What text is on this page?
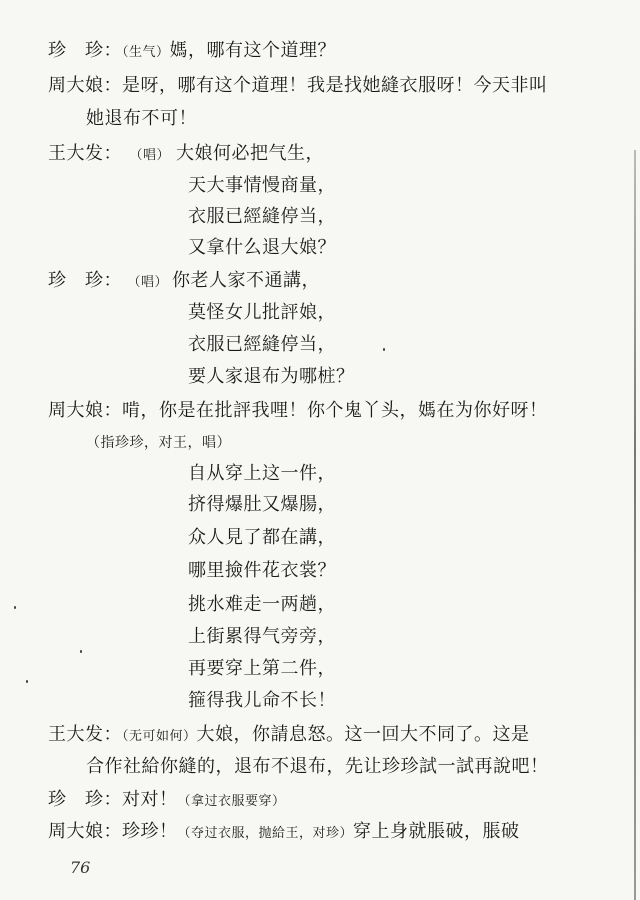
珍　珍：（生气）媽，哪有这个道理？
周大娘：是呀，哪有这个道理！我是找她縫衣服呀！今天非叫
她退布不可！
王大发： （唱） 大娘何必把气生，
天大事情慢商量，
衣服已經縫停当，
又拿什么退大娘？
珍　珍： （唱） 你老人家不通講，
莫怪女儿批評娘，
衣服已經縫停当，
要人家退布为哪桩？
周大娘：啃，你是在批評我哩！你个鬼丫头，媽在为你好呀！
（指珍珍，对王，唱）
自从穿上这一件，
挤得爆肚又爆腸，
众人見了都在講，
哪里撿件花衣裳？
挑水难走一两趟，
上街累得气旁旁，
再要穿上第二件，
箍得我儿命不长！
王大发：（无可如何）大娘，你請息怒。这一回大不同了。这是
合作社給你縫的，退布不退布，先让珍珍試一試再說吧！
珍　珍：对对！（拿过衣服要穿）
周大娘：珍珍！（夺过衣服，抛給王，对珍）穿上身就脹破，脹破
76
